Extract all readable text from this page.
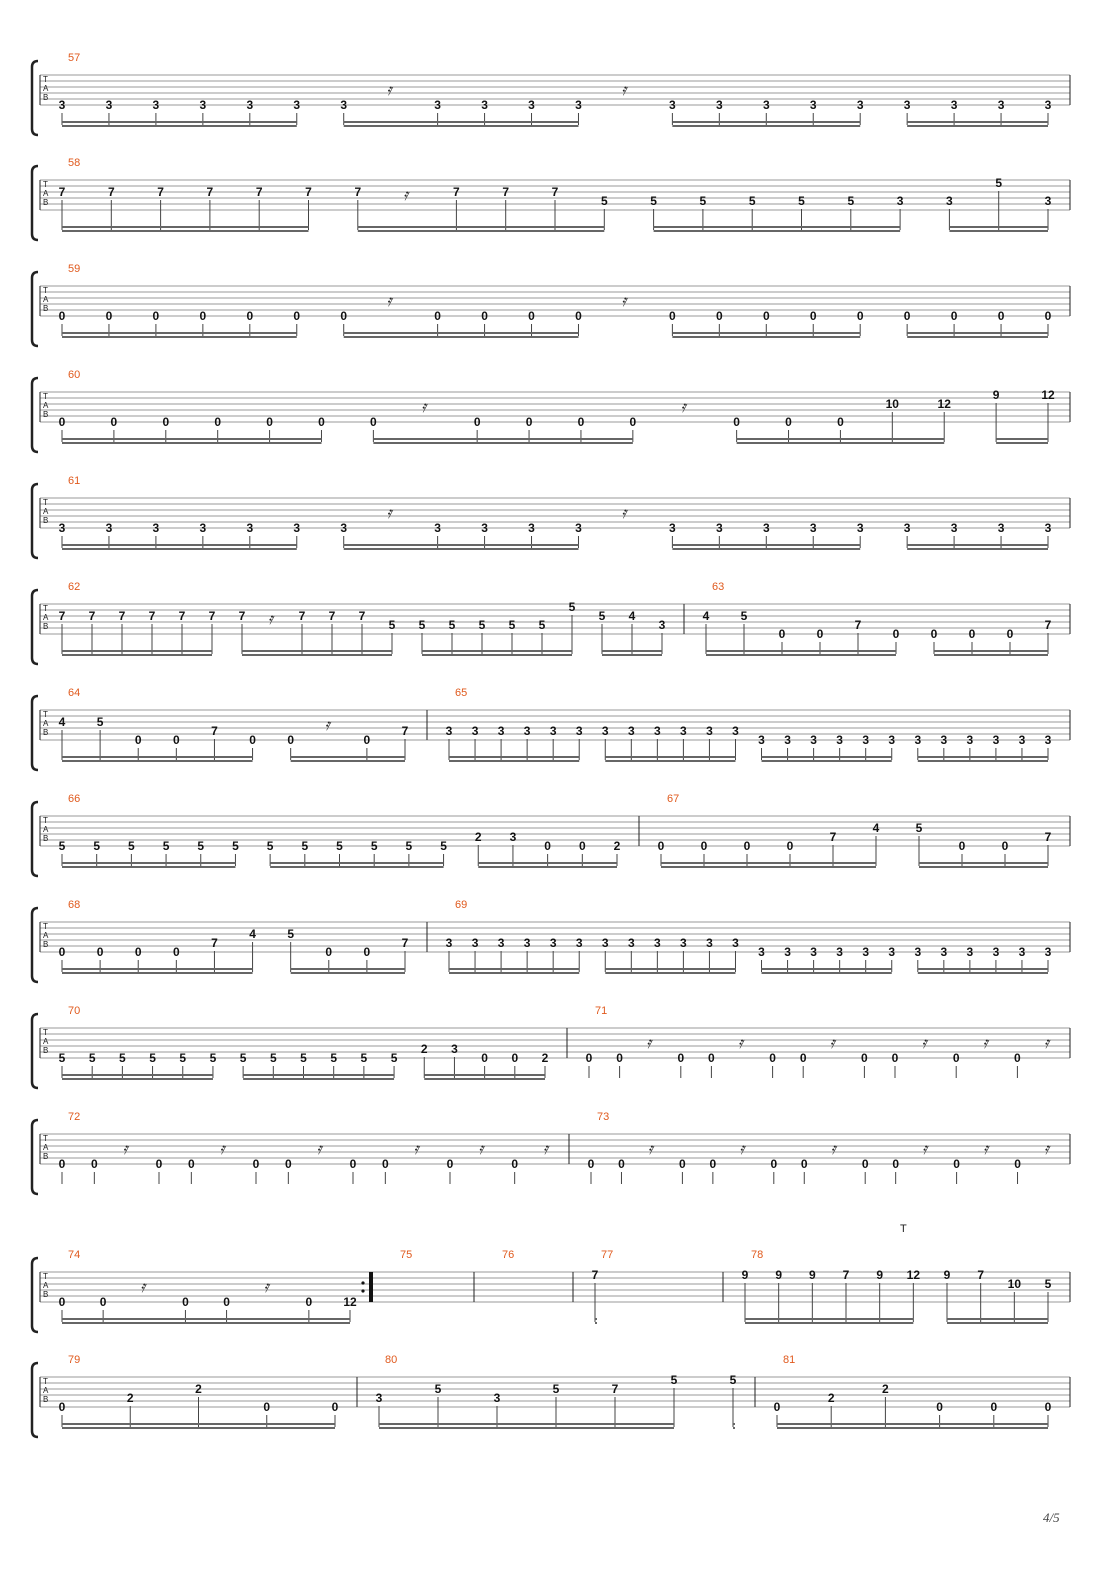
T
A
B
57
3	3	3	3	3	3	3
𝄿
3	3	3	3
𝄿
3	3	3	3	3	3	3	3	3
T
A
B
58
7	7	7	7	7	7	7	𝄿	7	7	7
5	5	5	5	5	5	3	3
5
3
T
A
B
59
0	0	0	0	0	0	0
𝄿
0	0	0	0
𝄿
0	0	0	0	0	0	0	0	0
T
A
B
60
0	0	0	0	0	0	0
𝄿
0	0	0	0
𝄿
0	0	0
10	12
9	12
T
A
B
61
3	3	3	3	3	3	3
𝄿
3	3	3	3
𝄿
3	3	3	3	3	3	3	3	3
T
A
B
62
7 7 7 7 7 7 7 𝄿 7 7 7
5 5 5 5 5 5
5
5 4
3
63
4	5
0	0
7
0	0	0	0
7
T
A
B
64
4	5
0	0
7
0	0
𝄿
0
7
65
3 3 3 3 3 3 3 3 3 3 3 3
3 3 3 3 3 3 3 3 3 3 3 3
T
A
B
66
5 5 5 5 5 5 5 5 5 5 5 5
2 3
0 0 2
67
0	0	0	0
7
4	5
0	0
7
T
A
B
68
0	0	0	0
7
4	5
0	0
7
69
3 3 3 3 3 3 3 3 3 3 3 3
3 3 3 3 3 3 3 3 3 3 3 3
T
A
B
70
5 5 5 5 5 5 5 5 5 5 5 5
2 3
0 0 2
71
0 0
𝄿
0 0
𝄿
0 0
𝄿
0 0
𝄿
0
𝄿
0
𝄿
T
A
B
72
0 0
𝄿
0 0
𝄿
0 0
𝄿
0 0
𝄿
0
𝄿
0
𝄿
73
0 0
𝄿
0 0
𝄿
0 0
𝄿
0 0
𝄿
0
𝄿
0
𝄿
T
A
B
74
0	0
𝄿
0	0
𝄿
0	12
75	76	77
7
78
9 9 9 7 9 12 9 7
10 5
T
A
B
79
0
2
2
0	0
80
3
5
3
5	7
5	5
81
0
2
2
0	0	0
T
4/5
